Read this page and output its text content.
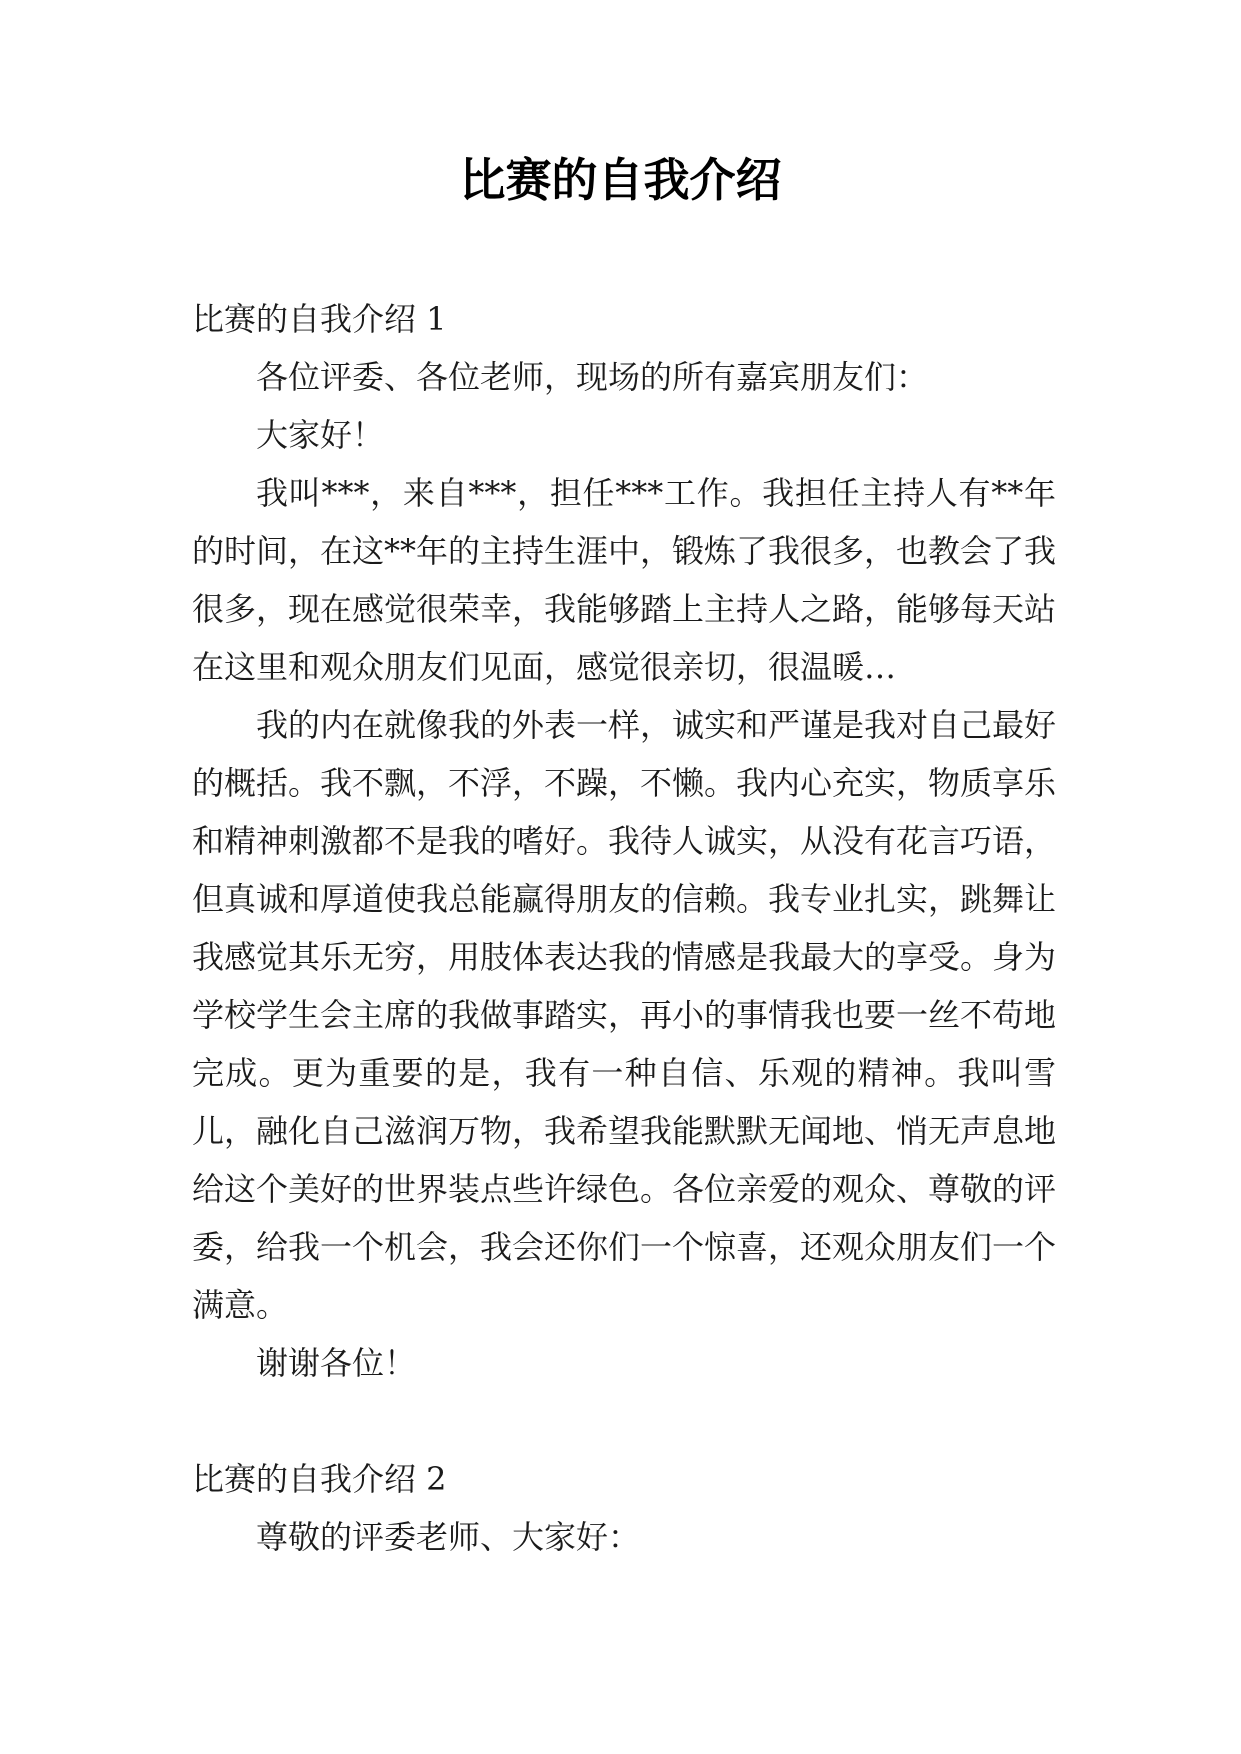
比赛的自我介绍

比赛的自我介绍 1

各位评委、各位老师，现场的所有嘉宾朋友们：

大家好！

我叫***，来自***，担任***工作。我担任主持人有**年的时间，在这**年的主持生涯中，锻炼了我很多，也教会了我很多，现在感觉很荣幸，我能够踏上主持人之路，能够每天站在这里和观众朋友们见面，感觉很亲切，很温暖…

我的内在就像我的外表一样，诚实和严谨是我对自己最好的概括。我不飘，不浮，不躁，不懒。我内心充实，物质享乐和精神刺激都不是我的嗜好。我待人诚实，从没有花言巧语，但真诚和厚道使我总能赢得朋友的信赖。我专业扎实，跳舞让我感觉其乐无穷，用肢体表达我的情感是我最大的享受。身为学校学生会主席的我做事踏实，再小的事情我也要一丝不苟地完成。更为重要的是，我有一种自信、乐观的精神。我叫雪儿，融化自己滋润万物，我希望我能默默无闻地、悄无声息地给这个美好的世界装点些许绿色。各位亲爱的观众、尊敬的评委，给我一个机会，我会还你们一个惊喜，还观众朋友们一个满意。

谢谢各位！

比赛的自我介绍 2

尊敬的评委老师、大家好：
